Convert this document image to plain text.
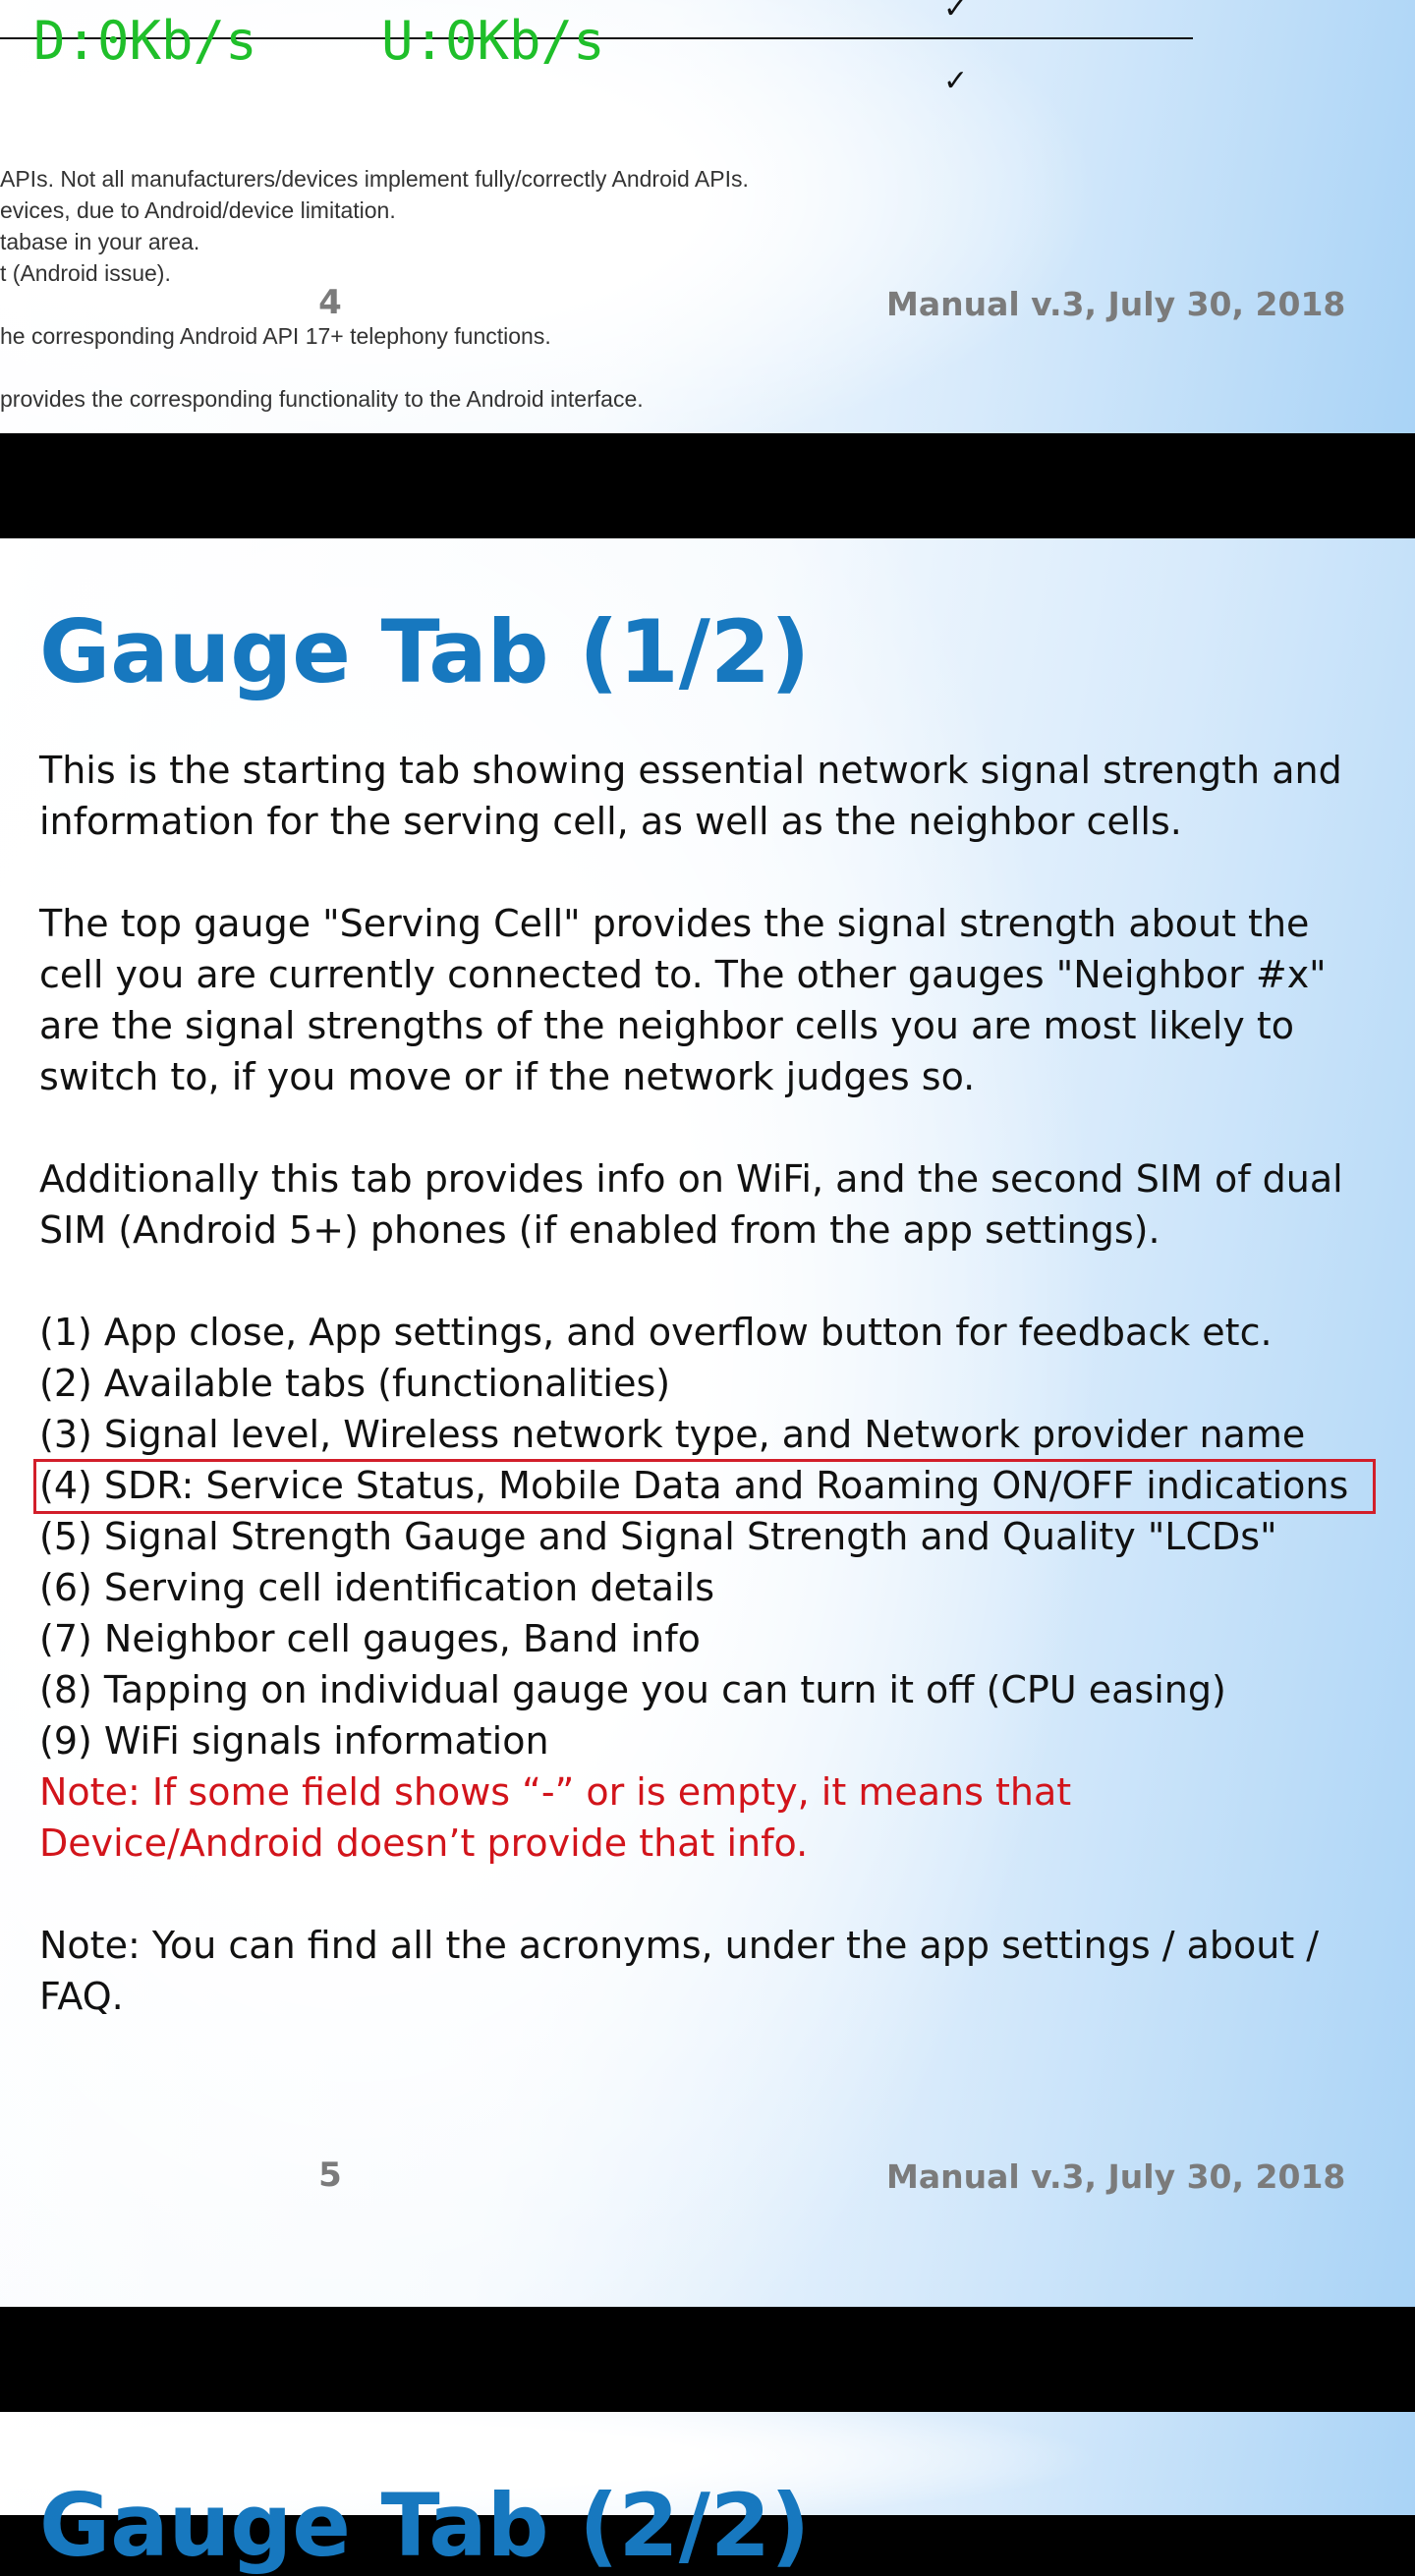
D:0Kb/s U:0Kb/s
✓
✓
APIs. Not all manufacturers/devices implement fully/correctly Android APIs.
evices, due to Android/device limitation.
tabase in your area.
t (Android issue).
4	Manual v.3, July 30, 2018
he corresponding Android API 17+ telephony functions.
provides the corresponding functionality to the Android interface.
Gauge Tab (1/2)
This is the starting tab showing essential network signal strength and
information for the serving cell, as well as the neighbor cells.
The top gauge "Serving Cell" provides the signal strength about the
cell you are currently connected to. The other gauges "Neighbor #x"
are the signal strengths of the neighbor cells you are most likely to
switch to, if you move or if the network judges so.
Additionally this tab provides info on WiFi, and the second SIM of dual
SIM (Android 5+) phones (if enabled from the app settings).
(1) App close, App settings, and overflow button for feedback etc.
(2) Available tabs (functionalities)
(3) Signal level, Wireless network type, and Network provider name
(4) SDR: Service Status, Mobile Data and Roaming ON/OFF indications
(5) Signal Strength Gauge and Signal Strength and Quality "LCDs"
(6) Serving cell identification details
(7) Neighbor cell gauges, Band info
(8) Tapping on individual gauge you can turn it off (CPU easing)
(9) WiFi signals information
Note: If some field shows “-” or is empty, it means that
Device/Android doesn’t provide that info.
Note: You can find all the acronyms, under the app settings / about /
FAQ.
5	Manual v.3, July 30, 2018
Gauge Tab (2/2)
